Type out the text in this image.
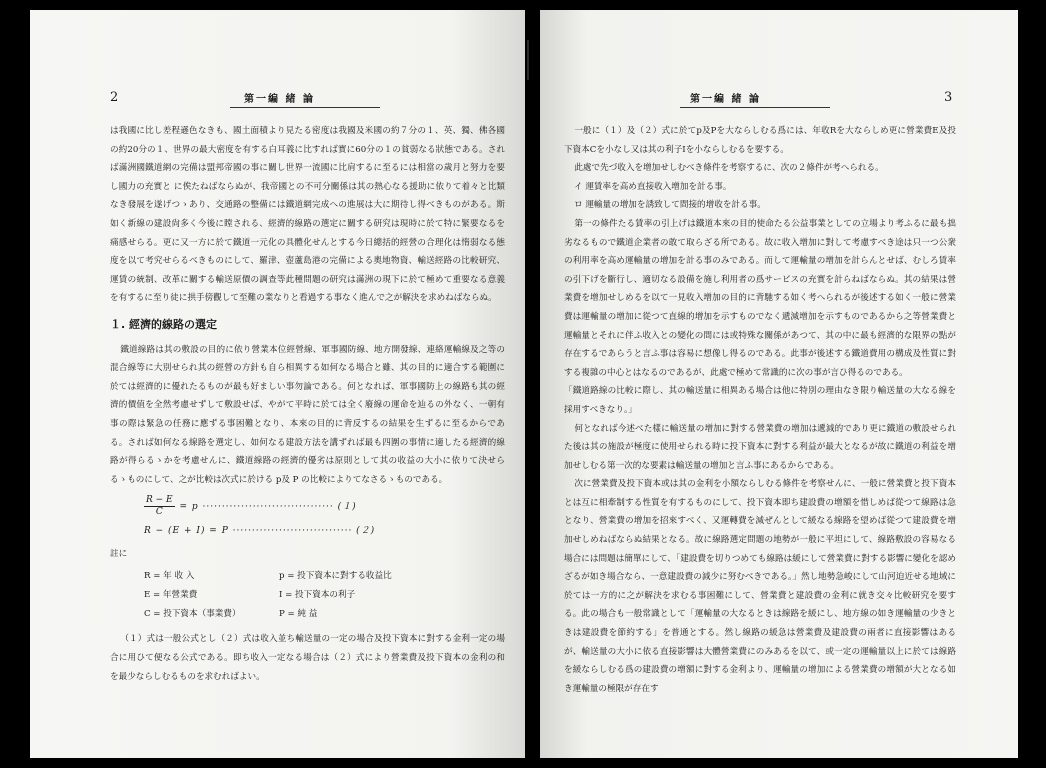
2	第一編 緒 論

は我國に比し差程遜色なきも、國土面積より見たる密度は我國及米國の約７分の１、英、獨、佛各國の約20分の１、世界の最大密度を有する白耳義に比すれば實に60分の１の貧弱なる狀態である。されば滿洲國鐵道網の完備は盟邦帝國の事に關し世界一流國に比肩するに至るには相當の歲月と努力を要し國力の充實と に俟たねばならぬが、我帝國との不可分關係は其の熱心なる援助に依りて着々と比類なき發展を遂げつゝあり、交通路の整備には鐵道網完成への進展は大に期待し得べきものがある。斯如く新線の建設尙多く今後に瞠される、經濟的線路の選定に關する研究は現時に於て特に緊要なるを痛感せらる。更に又一方に於て鐵道一元化の具體化せんとする今日總括的經營の合理化は惰弱なる態度を以て考究せらるべきものにして、羅津、壺蘆島港の完備による奧地物資、輸送經路の比較研究、運賃の統制、改革に關する輸送原價の調查等此種問題の研究は滿洲の現下に於て極めて重要なる意義を有するに至り徒に拱手傍觀して至難の業なりと看過する事なく進んで之が解決を求めねばならぬ。

１. 經濟的線路の選定

鐵道線路は其の敷設の目的に依り營業本位經營線、軍事國防線、地方開發線、連絡運輸線及之等の混合線等に大別せられ其の經營の方針も自ら相異する如何なる場合と雖、其の目的に適合する範圍に於ては經濟的に優れたるものが最も好ましい事勿論である。何となれば、軍事國防上の線路も其の經濟的價值を全然考慮せずして敷設せば、やがて平時に於ては全く廢線の運命を辿るの外なく、一朝有事の際は緊急の任務に應ずる事困難となり、本來の目的に背反するの結果を生ずるに至るからである。されば如何なる線路を選定し、如何なる建設方法を講ずれば最も四圍の事情に適したる經濟的線路が得らるゝかを考慮せんに、鐵道線路の經濟的優劣は原則として其の收益の大小に依りて決せらるゝものにして、之が比較は次式に於ける p及 P の比較によりてなさるゝものである。

$\frac{R - E}{C} = p$ ·································· (１)
R − (E + I) = P ······························· (２)

註に

R = 年 收 入	p = 投下資本に對する收益比
E = 年營業費	I = 投下資本の利子
C = 投下資本（事業費）	P = 純 益

（１）式は一般公式とし（２）式は收入並ち輸送量の一定の場合及投下資本に對する金利一定の場合に用ひて便なる公式である。即ち收入一定なる場合は（２）式により營業費及投下資本の金利の和を最少ならしむるものを求むればよい。

第一編 緒 論	3

一般に（１）及（２）式に於てp及Pを大ならしむる爲には、年收Rを大ならしめ更に營業費E及投下資本Cを小なし又は其の利子Iを小ならしむるを要する。

此處で先づ收入を增加せしむべき條件を考察するに、次の２條件が考へられる。

イ 運賃率を高め直接收入增加を計る事。

ロ 運輸量の增加を誘致して間接的增收を計る事。

第一の條件たる賃率の引上げは鐵道本來の目的使命たる公益事業としての立場より考ふるに最も拙劣なるもので鐵道企業者の敢て取らざる所である。故に收入增加に對して考慮すべき途は只一つ公衆の利用率を高め運輸量の增加を計る事のみである。而して運輸量の增加を計らんとせば、むしろ賃率の引下げを斷行し、適切なる設備を施し利用者の爲サービスの充實を計らねばならぬ。其の結果は營業費を增加せしめるを以て一見收入增加の目的に背馳する如く考へられるが後述する如く一般に營業費は運輸量の增加に從つて直線的增加を示すものでなく遞減增加を示すものであるから之等營業費と運輸量とそれに伴ふ收入との變化の間には或特殊な關係があつて、其の中に最も經濟的な限界の點が存在するであらうと言ふ事は容易に想像し得るのである。此事が後述する鐵道費用の構成及性質に對する複雜の中心とはなるのであるが、此處で極めて常識的に次の事が言ひ得るのである。

「鐵道路線の比較に際し、其の輸送量に相異ある場合は他に特別の理由なき限り輸送量の大なる線を採用すべきなり。」

何となれば今述べた樣に輸送量の增加に對する營業費の增加は遞減的であり更に鐵道の敷設せられた後は其の施設が極度に使用せられる時に投下資本に對する利益が最大となるが故に鐵道の利益を增加せしむる第一次的な要素は輸送量の增加と言ふ事にあるからである。

次に營業費及投下資本或は其の金利を小額ならしむる條件を考察せんに、一般に營業費と投下資本とは互に相牽制する性質を有するものにして、投下資本即ち建設費の增額を惜しめば從つて線路は急となり、營業費の增加を招來すべく、又運轉費を減ぜんとして緩なる線路を望めば從つて建設費を增加せしめねばならぬ結果となる。故に線路選定問題の地勢が一般に平坦にして、線路敷設の容易なる場合には問題は簡單にして、「建設費を切りつめても線路は緩にして營業費に對する影響に變化を認めざるが如き場合なら、一意建設費の減少に努むべきである。」然し地勢急峻にして山河迫近せる地域に於ては一方的に之が解決を求むる事困難にして、營業費と建設費の金利に就き交々比較研究を要する。此の場合も一般常識として「運輸量の大なるときは線路を緩にし、地方線の如き運輸量の少きときは建設費を節約する」を普通とする。然し線路の緩急は營業費及建設費の兩者に直接影響はあるが、輸送量の大小に依る直接影響は大體營業費にのみあるを以て、或一定の運輸量以上に於ては線路を緩ならしむる爲の建設費の增額に對する金利より、運輸量の增加による營業費の增額が大となる如き運輸量の極限が存在す
